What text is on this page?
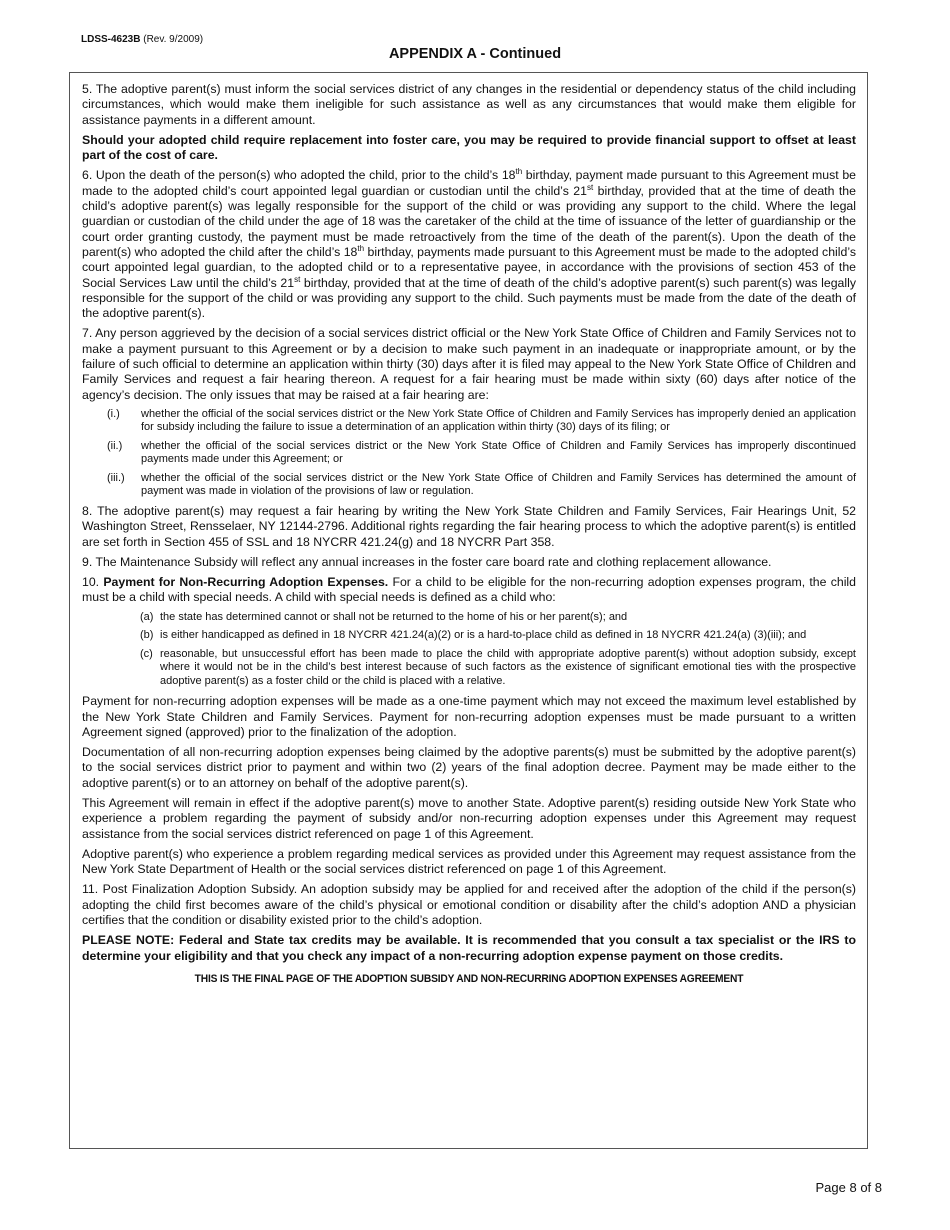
LDSS-4623B (Rev. 9/2009)
APPENDIX A - Continued

5. The adoptive parent(s) must inform the social services district of any changes in the residential or dependency status of the child including circumstances, which would make them ineligible for such assistance as well as any circumstances that would make them eligible for assistance payments in a different amount.

Should your adopted child require replacement into foster care, you may be required to provide financial support to offset at least part of the cost of care.

6. Upon the death of the person(s) who adopted the child, prior to the child’s 18th birthday, payment made pursuant to this Agreement must be made to the adopted child’s court appointed legal guardian or custodian until the child’s 21st birthday, provided that at the time of death the child’s adoptive parent(s) was legally responsible for the support of the child or was providing any support to the child. Where the legal guardian or custodian of the child under the age of 18 was the caretaker of the child at the time of issuance of the letter of guardianship or the court order granting custody, the payment must be made retroactively from the time of the death of the parent(s). Upon the death of the parent(s) who adopted the child after the child’s 18th birthday, payments made pursuant to this Agreement must be made to the adopted child’s court appointed legal guardian, to the adopted child or to a representative payee, in accordance with the provisions of section 453 of the Social Services Law until the child’s 21st birthday, provided that at the time of death of the child’s adoptive parent(s) such parent(s) was legally responsible for the support of the child or was providing any support to the child. Such payments must be made from the date of the death of the adoptive parent(s).

7. Any person aggrieved by the decision of a social services district official or the New York State Office of Children and Family Services not to make a payment pursuant to this Agreement or by a decision to make such payment in an inadequate or inappropriate amount, or by the failure of such official to determine an application within thirty (30) days after it is filed may appeal to the New York State Office of Children and Family Services and request a fair hearing thereon. A request for a fair hearing must be made within sixty (60) days after notice of the agency’s decision. The only issues that may be raised at a fair hearing are:

(i.)	whether the official of the social services district or the New York State Office of Children and Family Services has improperly denied an application for subsidy including the failure to issue a determination of an application within thirty (30) days of its filing; or
(ii.)	whether the official of the social services district or the New York State Office of Children and Family Services has improperly discontinued payments made under this Agreement; or
(iii.)	whether the official of the social services district or the New York State Office of Children and Family Services has determined the amount of payment was made in violation of the provisions of law or regulation.

8. The adoptive parent(s) may request a fair hearing by writing the New York State Children and Family Services, Fair Hearings Unit, 52 Washington Street, Rensselaer, NY 12144-2796. Additional rights regarding the fair hearing process to which the adoptive parent(s) is entitled are set forth in Section 455 of SSL and 18 NYCRR 421.24(g) and 18 NYCRR Part 358.

9. The Maintenance Subsidy will reflect any annual increases in the foster care board rate and clothing replacement allowance.

10. Payment for Non-Recurring Adoption Expenses. For a child to be eligible for the non-recurring adoption expenses program, the child must be a child with special needs. A child with special needs is defined as a child who:

(a) the state has determined cannot or shall not be returned to the home of his or her parent(s); and
(b) is either handicapped as defined in 18 NYCRR 421.24(a)(2) or is a hard-to-place child as defined in 18 NYCRR 421.24(a) (3)(iii); and
(c) reasonable, but unsuccessful effort has been made to place the child with appropriate adoptive parent(s) without adoption subsidy, except where it would not be in the child’s best interest because of such factors as the existence of significant emotional ties with the prospective adoptive parent(s) as a foster child or the child is placed with a relative.

Payment for non-recurring adoption expenses will be made as a one-time payment which may not exceed the maximum level established by the New York State Children and Family Services. Payment for non-recurring adoption expenses must be made pursuant to a written Agreement signed (approved) prior to the finalization of the adoption.

Documentation of all non-recurring adoption expenses being claimed by the adoptive parents(s) must be submitted by the adoptive parent(s) to the social services district prior to payment and within two (2) years of the final adoption decree. Payment may be made either to the adoptive parent(s) or to an attorney on behalf of the adoptive parent(s).

This Agreement will remain in effect if the adoptive parent(s) move to another State. Adoptive parent(s) residing outside New York State who experience a problem regarding the payment of subsidy and/or non-recurring adoption expenses under this Agreement may request assistance from the social services district referenced on page 1 of this Agreement.

Adoptive parent(s) who experience a problem regarding medical services as provided under this Agreement may request assistance from the New York State Department of Health or the social services district referenced on page 1 of this Agreement.

11. Post Finalization Adoption Subsidy. An adoption subsidy may be applied for and received after the adoption of the child if the person(s) adopting the child first becomes aware of the child’s physical or emotional condition or disability after the child’s adoption AND a physician certifies that the condition or disability existed prior to the child’s adoption.

PLEASE NOTE: Federal and State tax credits may be available. It is recommended that you consult a tax specialist or the IRS to determine your eligibility and that you check any impact of a non-recurring adoption expense payment on those credits.

THIS IS THE FINAL PAGE OF THE ADOPTION SUBSIDY AND NON-RECURRING ADOPTION EXPENSES AGREEMENT
Page 8 of 8
